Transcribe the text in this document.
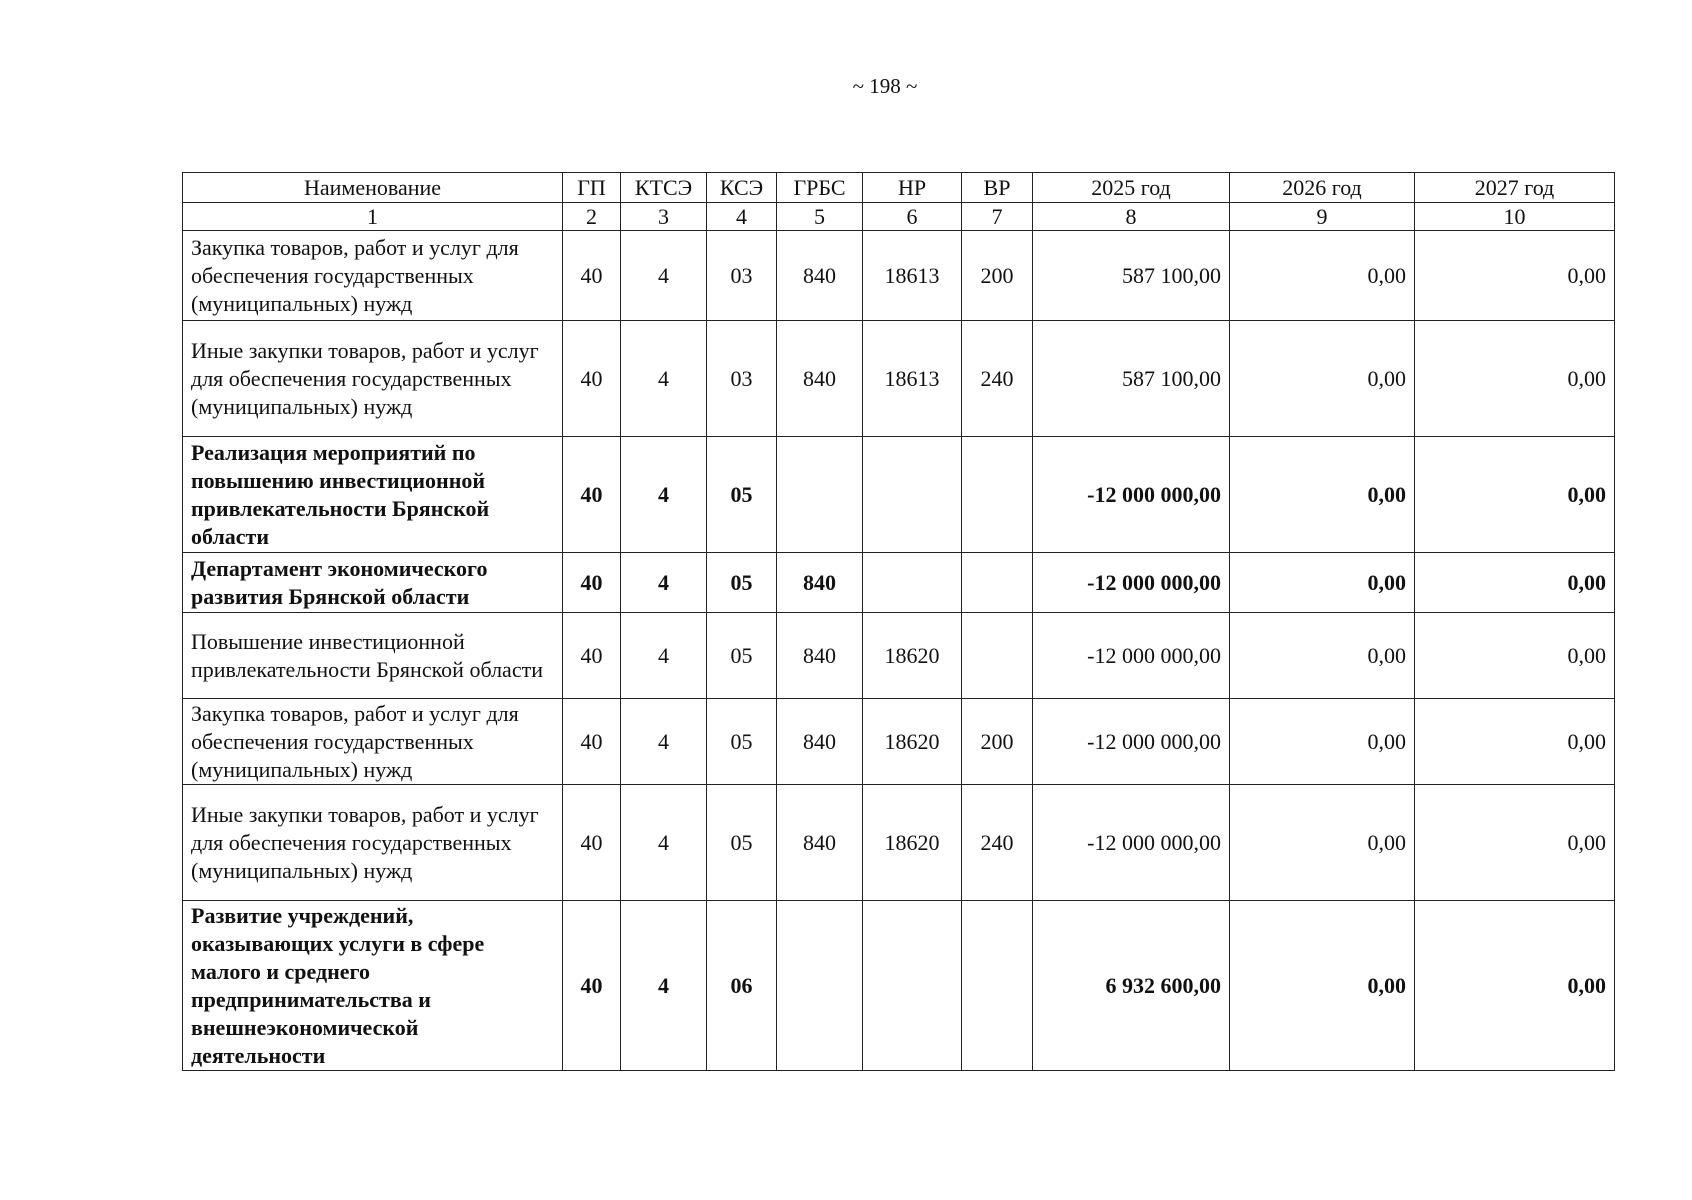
~ 198 ~
Наименование	ГП	КТСЭ	КСЭ	ГРБС	НР	ВР	2025 год	2026 год	2027 год
1	2	3	4	5	6	7	8	9	10
Закупка товаров, работ и услуг для обеспечения государственных (муниципальных) нужд	40	4	03	840	18613	200	587 100,00	0,00	0,00
Иные закупки товаров, работ и услуг для обеспечения государственных (муниципальных) нужд	40	4	03	840	18613	240	587 100,00	0,00	0,00
Реализация мероприятий по повышению инвестиционной привлекательности Брянской области	40	4	05				-12 000 000,00	0,00	0,00
Департамент экономического развития Брянской области	40	4	05	840			-12 000 000,00	0,00	0,00
Повышение инвестиционной привлекательности Брянской области	40	4	05	840	18620		-12 000 000,00	0,00	0,00
Закупка товаров, работ и услуг для обеспечения государственных (муниципальных) нужд	40	4	05	840	18620	200	-12 000 000,00	0,00	0,00
Иные закупки товаров, работ и услуг для обеспечения государственных (муниципальных) нужд	40	4	05	840	18620	240	-12 000 000,00	0,00	0,00
Развитие учреждений, оказывающих услуги в сфере малого и среднего предпринимательства и внешнеэкономической деятельности	40	4	06				6 932 600,00	0,00	0,00
